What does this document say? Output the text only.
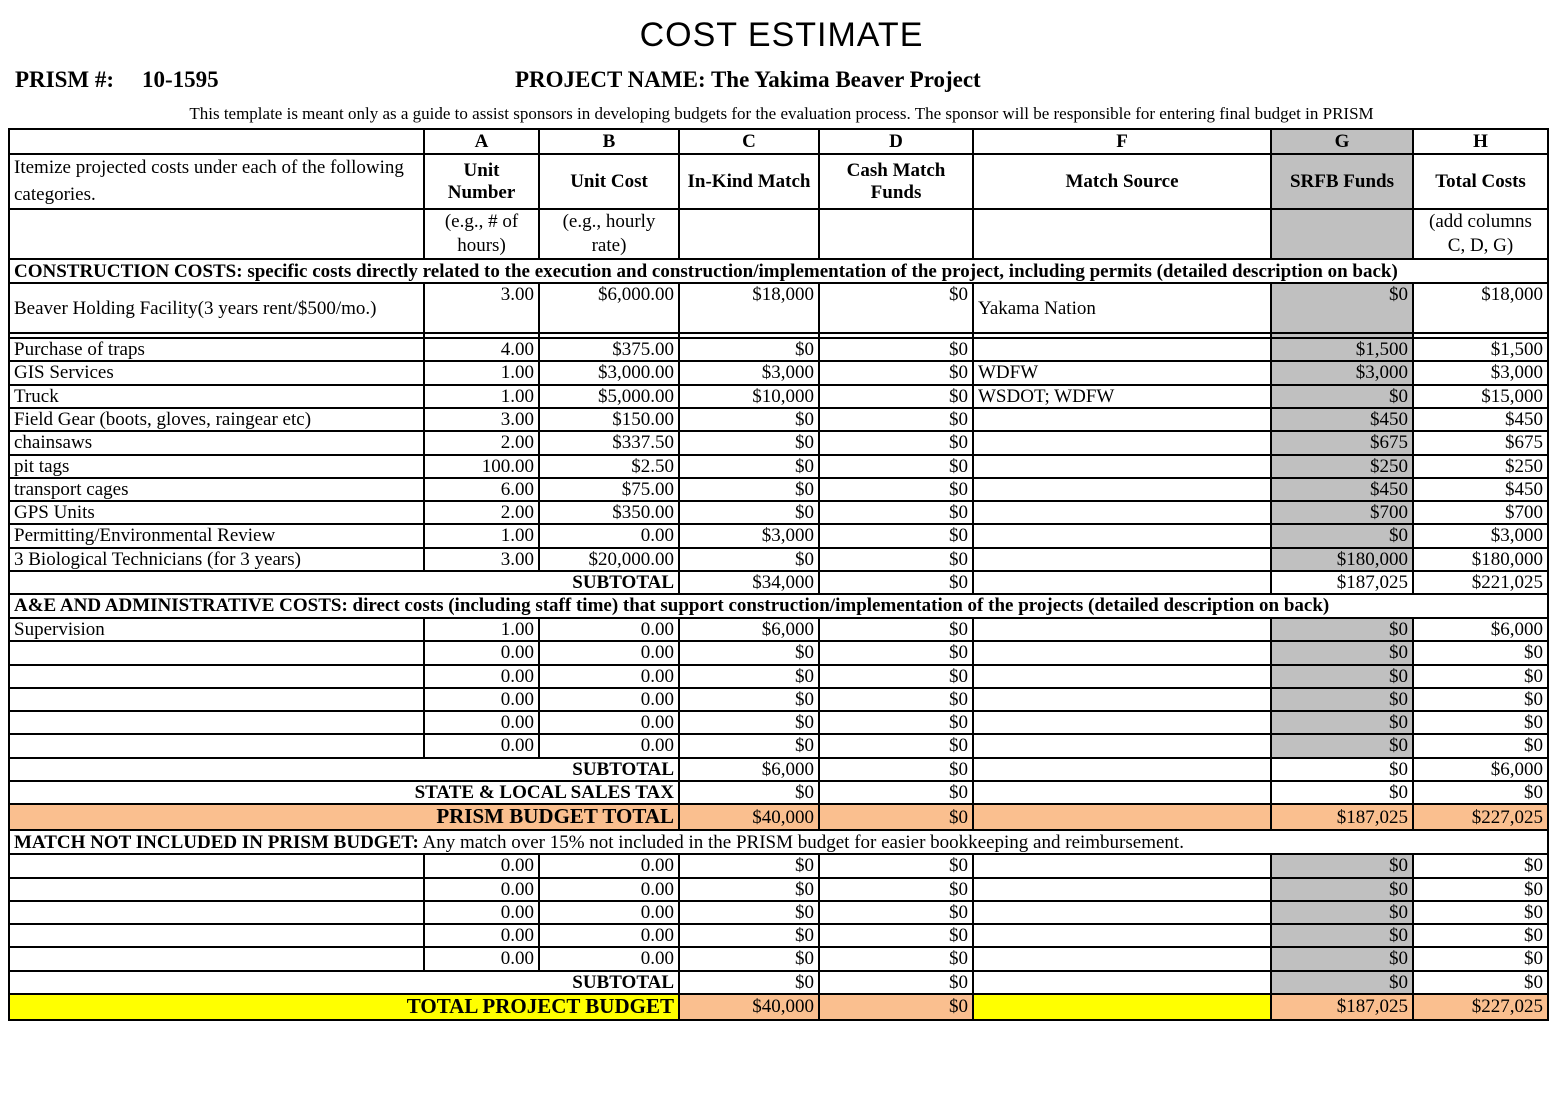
COST ESTIMATE
PRISM #: 10-1595	PROJECT NAME: The Yakima Beaver Project
This template is meant only as a guide to assist sponsors in developing budgets for the evaluation process. The sponsor will be responsible for entering final budget in PRISM
	A	B	C	D	F	G	H
Itemize projected costs under each of the following categories.	Unit Number	Unit Cost	In-Kind Match	Cash Match Funds	Match Source	SRFB Funds	Total Costs
	(e.g., # of hours)	(e.g., hourly rate)					(add columns C, D, G)
CONSTRUCTION COSTS: specific costs directly related to the execution and construction/implementation of the project, including permits (detailed description on back)							
Beaver Holding Facility(3 years rent/$500/mo.)	3.00	$6,000.00	$18,000	$0	Yakama Nation	$0	$18,000

Purchase of traps	4.00	$375.00	$0	$0		$1,500	$1,500
GIS Services	1.00	$3,000.00	$3,000	$0	WDFW	$3,000	$3,000
Truck	1.00	$5,000.00	$10,000	$0	WSDOT; WDFW	$0	$15,000
Field Gear (boots, gloves, raingear etc)	3.00	$150.00	$0	$0		$450	$450
chainsaws	2.00	$337.50	$0	$0		$675	$675
pit tags	100.00	$2.50	$0	$0		$250	$250
transport cages	6.00	$75.00	$0	$0		$450	$450
GPS Units	2.00	$350.00	$0	$0		$700	$700
Permitting/Environmental Review	1.00	0.00	$3,000	$0		$0	$3,000
3 Biological Technicians (for 3 years)	3.00	$20,000.00	$0	$0		$180,000	$180,000
SUBTOTAL			$34,000	$0		$187,025	$221,025
A&E AND ADMINISTRATIVE COSTS: direct costs (including staff time) that support construction/implementation of the projects (detailed description on back)							
Supervision	1.00	0.00	$6,000	$0		$0	$6,000
	0.00	0.00	$0	$0		$0	$0
	0.00	0.00	$0	$0		$0	$0
	0.00	0.00	$0	$0		$0	$0
	0.00	0.00	$0	$0		$0	$0
	0.00	0.00	$0	$0		$0	$0
SUBTOTAL			$6,000	$0		$0	$6,000
STATE & LOCAL SALES TAX			$0	$0		$0	$0
PRISM BUDGET TOTAL			$40,000	$0		$187,025	$227,025
MATCH NOT INCLUDED IN PRISM BUDGET: Any match over 15% not included in the PRISM budget for easier bookkeeping and reimbursement.							
	0.00	0.00	$0	$0		$0	$0
	0.00	0.00	$0	$0		$0	$0
	0.00	0.00	$0	$0		$0	$0
	0.00	0.00	$0	$0		$0	$0
	0.00	0.00	$0	$0		$0	$0
SUBTOTAL			$0	$0		$0	$0
TOTAL PROJECT BUDGET			$40,000	$0		$187,025	$227,025
